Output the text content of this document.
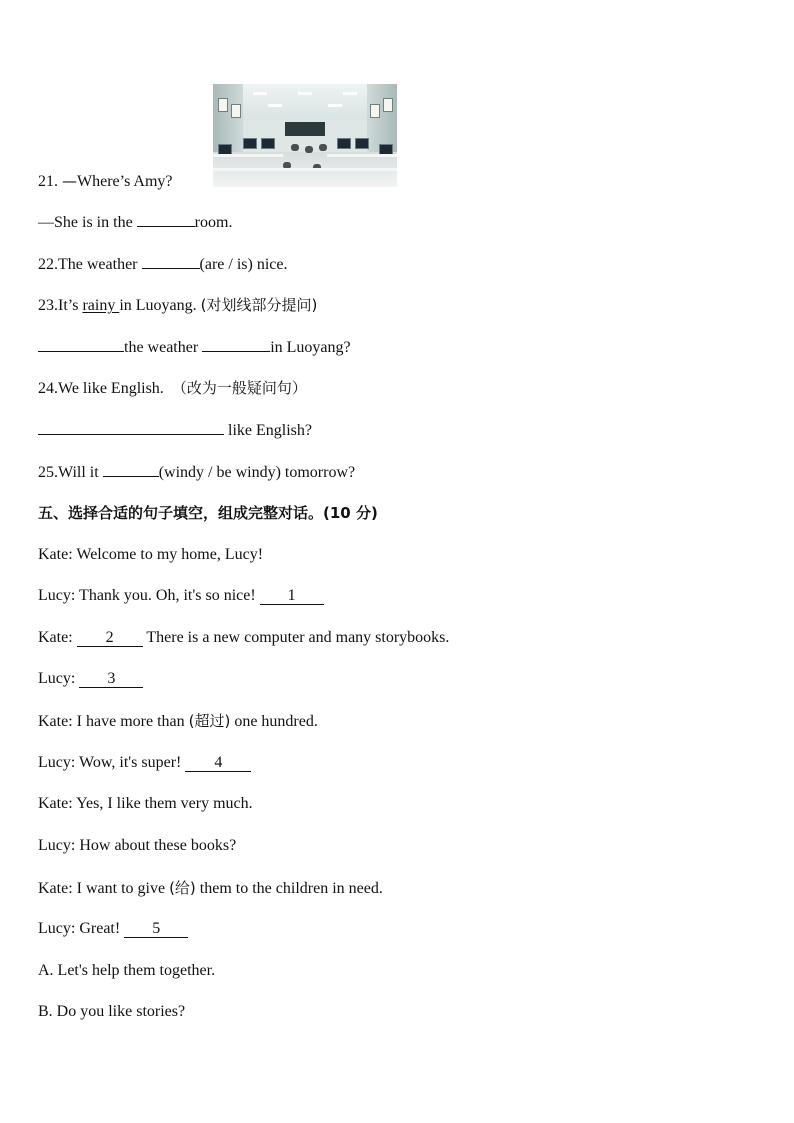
21. —Where’s Amy?
—She is in the	room.
22.The weather	(are / is) nice.
23.It’s rainy in Luoyang. (对划线部分提问)
the weather	in Luoyang?
24.We like English. （改为一般疑问句）
like English?
25.Will it	(windy / be windy) tomorrow?
五、选择合适的句子填空，组成完整对话。(10 分)
Kate: Welcome to my home, Lucy!
Lucy: Thank you. Oh, it's so nice! 1
Kate: 2 There is a new computer and many storybooks.
Lucy: 3
Kate: I have more than (超过) one hundred.
Lucy: Wow, it's super! 4
Kate: Yes, I like them very much.
Lucy: How about these books?
Kate: I want to give (给) them to the children in need.
Lucy: Great! 5
A. Let's help them together.
B. Do you like stories?
